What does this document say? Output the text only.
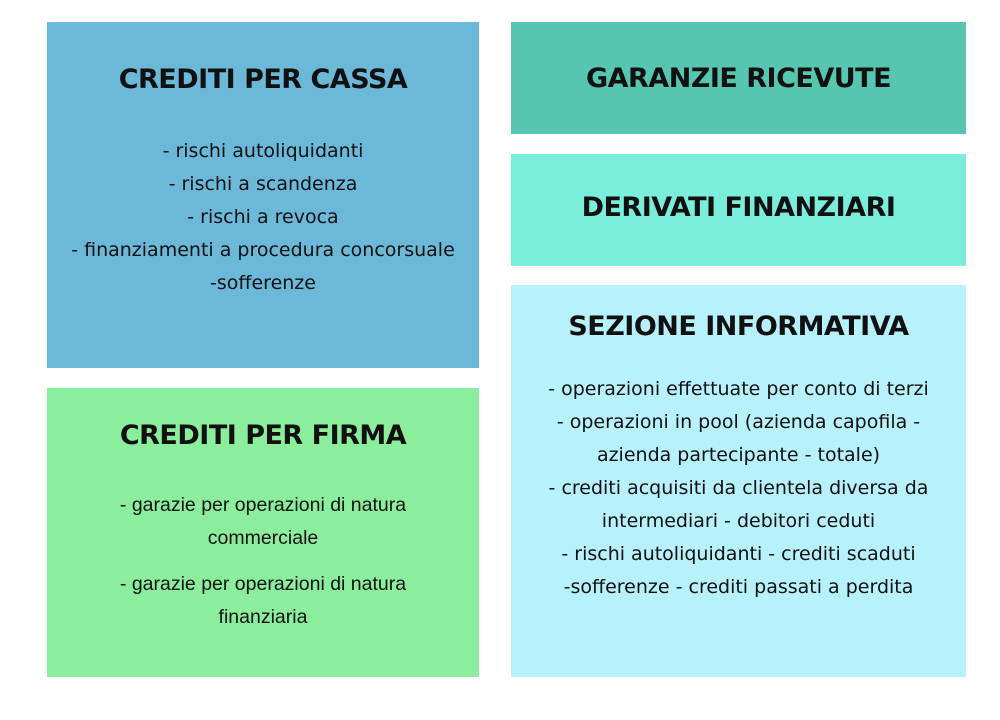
CREDITI PER CASSA
- rischi autoliquidanti
- rischi a scandenza
- rischi a revoca
- finanziamenti a procedura concorsuale
-sofferenze
CREDITI PER FIRMA
- garazie per operazioni di natura commerciale
- garazie per operazioni di natura finanziaria
GARANZIE RICEVUTE
DERIVATI FINANZIARI
SEZIONE INFORMATIVA
- operazioni effettuate per conto di terzi
- operazioni in pool (azienda capofila - azienda partecipante - totale)
- crediti acquisiti da clientela diversa da intermediari - debitori ceduti
- rischi autoliquidanti - crediti scaduti
-sofferenze - crediti passati a perdita
